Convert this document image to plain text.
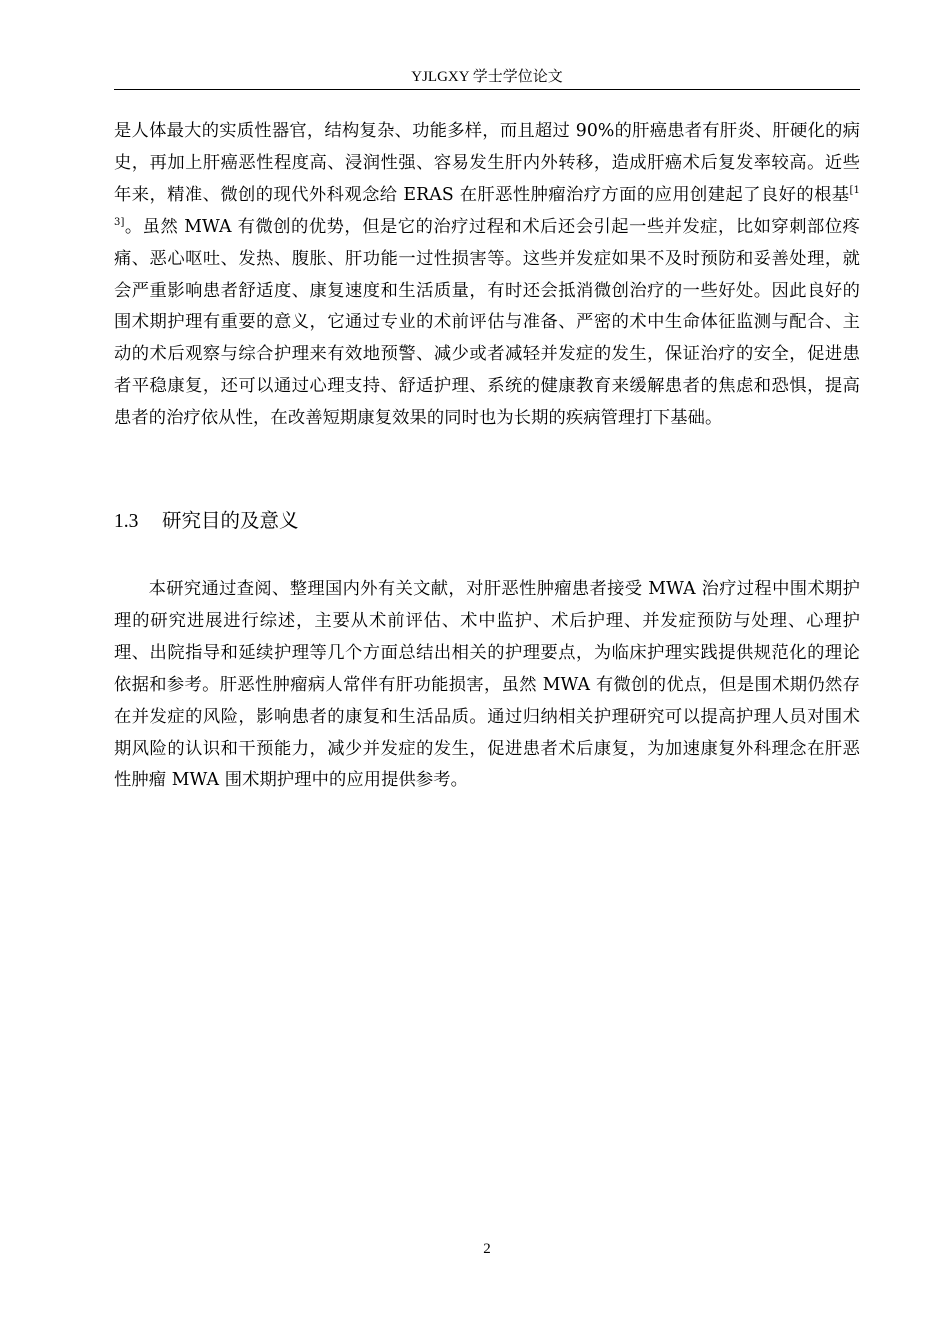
YJLGXY 学士学位论文

是人体最大的实质性器官，结构复杂、功能多样，而且超过 90%的肝癌患者有肝炎、肝硬化的病史，再加上肝癌恶性程度高、浸润性强、容易发生肝内外转移，造成肝癌术后复发率较高。近些年来，精准、微创的现代外科观念给 ERAS 在肝恶性肿瘤治疗方面的应用创建起了良好的根基[13]。虽然 MWA 有微创的优势，但是它的治疗过程和术后还会引起一些并发症，比如穿刺部位疼痛、恶心呕吐、发热、腹胀、肝功能一过性损害等。这些并发症如果不及时预防和妥善处理，就会严重影响患者舒适度、康复速度和生活质量，有时还会抵消微创治疗的一些好处。因此良好的围术期护理有重要的意义，它通过专业的术前评估与准备、严密的术中生命体征监测与配合、主动的术后观察与综合护理来有效地预警、减少或者减轻并发症的发生，保证治疗的安全，促进患者平稳康复，还可以通过心理支持、舒适护理、系统的健康教育来缓解患者的焦虑和恐惧，提高患者的治疗依从性，在改善短期康复效果的同时也为长期的疾病管理打下基础。

1.3 研究目的及意义

本研究通过查阅、整理国内外有关文献，对肝恶性肿瘤患者接受 MWA 治疗过程中围术期护理的研究进展进行综述，主要从术前评估、术中监护、术后护理、并发症预防与处理、心理护理、出院指导和延续护理等几个方面总结出相关的护理要点，为临床护理实践提供规范化的理论依据和参考。肝恶性肿瘤病人常伴有肝功能损害，虽然 MWA 有微创的优点，但是围术期仍然存在并发症的风险，影响患者的康复和生活品质。通过归纳相关护理研究可以提高护理人员对围术期风险的认识和干预能力，减少并发症的发生，促进患者术后康复，为加速康复外科理念在肝恶性肿瘤 MWA 围术期护理中的应用提供参考。

2
